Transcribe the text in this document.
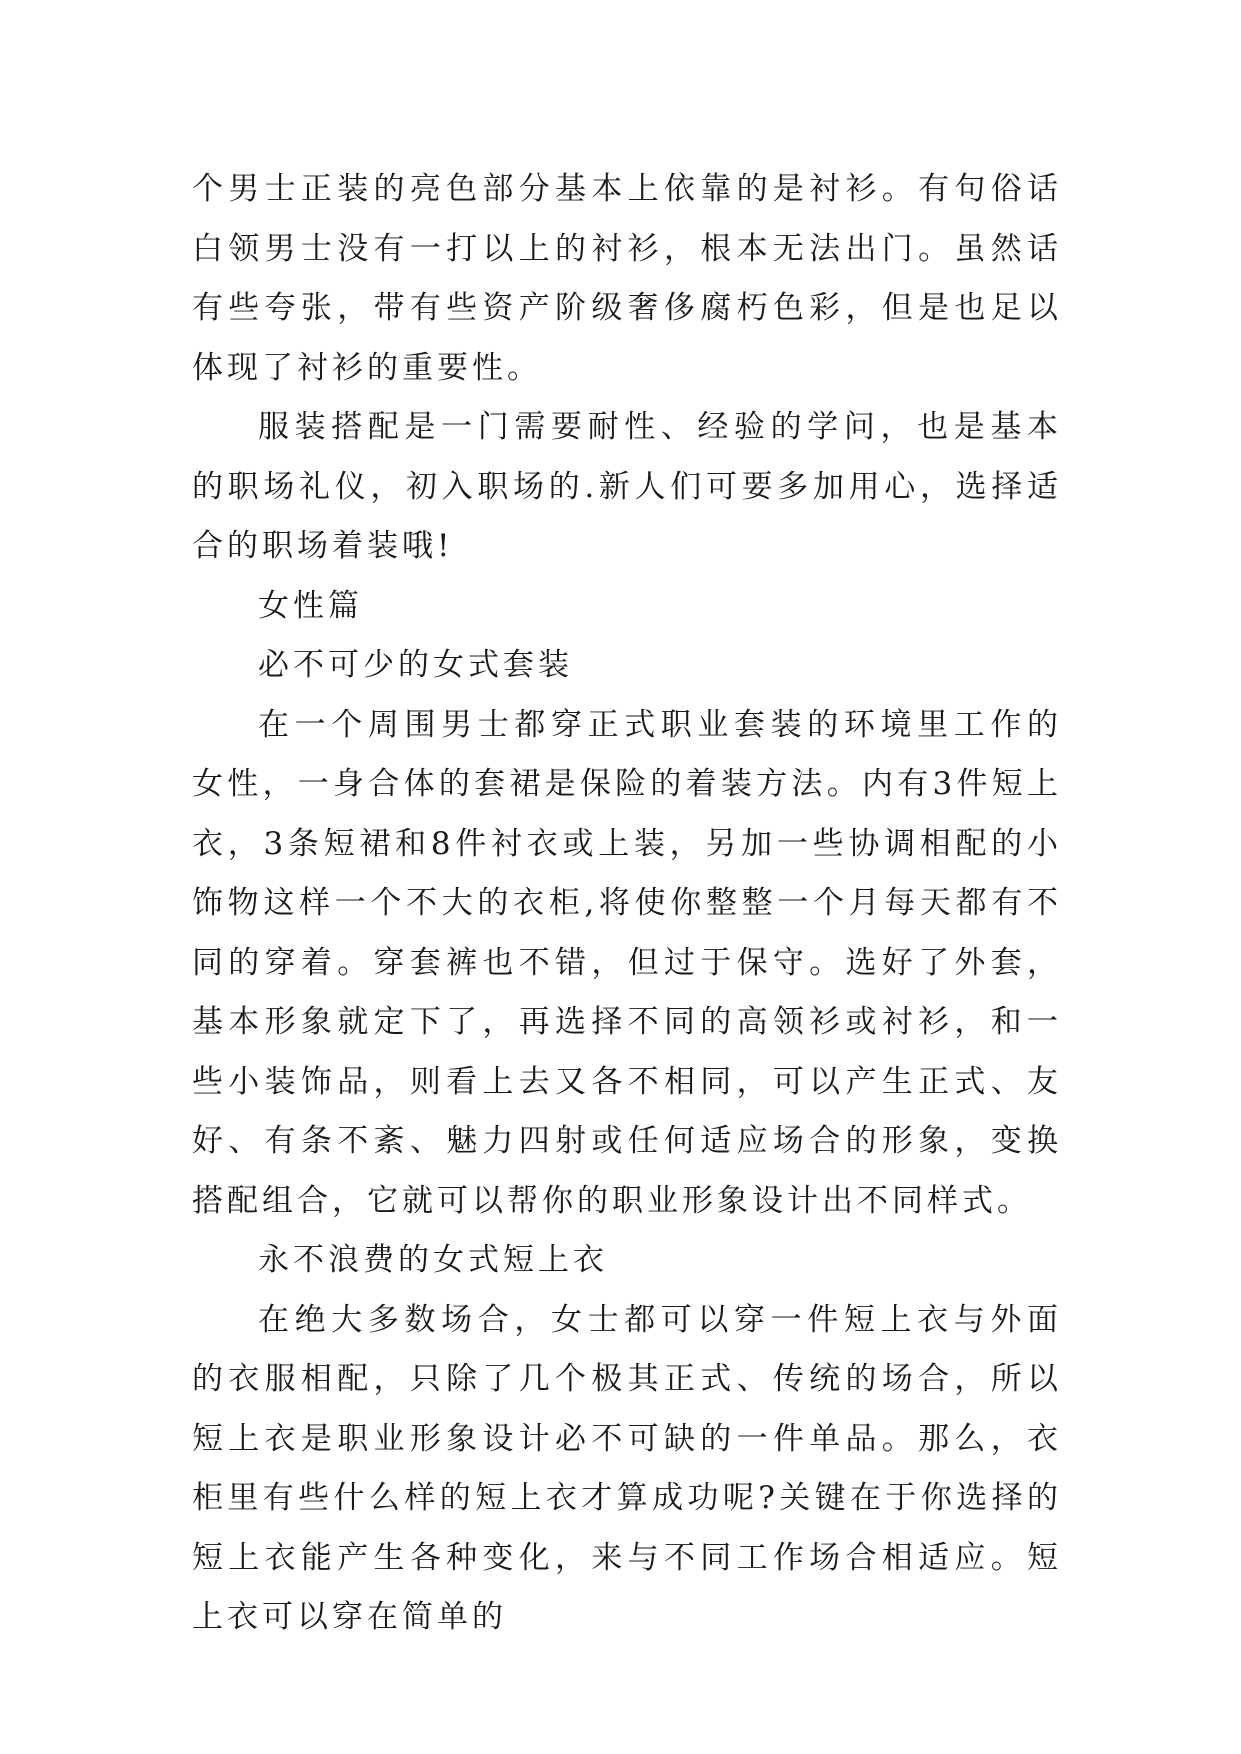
个男士正装的亮色部分基本上依靠的是衬衫。有句俗话白领男士没有一打以上的衬衫，根本无法出门。虽然话有些夸张，带有些资产阶级奢侈腐朽色彩，但是也足以体现了衬衫的重要性。

服装搭配是一门需要耐性、经验的学问，也是基本的职场礼仪，初入职场的.新人们可要多加用心，选择适合的职场着装哦!

女性篇

必不可少的女式套装

在一个周围男士都穿正式职业套装的环境里工作的女性，一身合体的套裙是保险的着装方法。内有3件短上衣，3条短裙和8件衬衣或上装，另加一些协调相配的小饰物这样一个不大的衣柜,将使你整整一个月每天都有不同的穿着。穿套裤也不错，但过于保守。选好了外套，基本形象就定下了，再选择不同的高领衫或衬衫，和一些小装饰品，则看上去又各不相同，可以产生正式、友好、有条不紊、魅力四射或任何适应场合的形象，变换搭配组合，它就可以帮你的职业形象设计出不同样式。

永不浪费的女式短上衣

在绝大多数场合，女士都可以穿一件短上衣与外面的衣服相配，只除了几个极其正式、传统的场合，所以短上衣是职业形象设计必不可缺的一件单品。那么，衣柜里有些什么样的短上衣才算成功呢?关键在于你选择的短上衣能产生各种变化，来与不同工作场合相适应。短上衣可以穿在简单的
